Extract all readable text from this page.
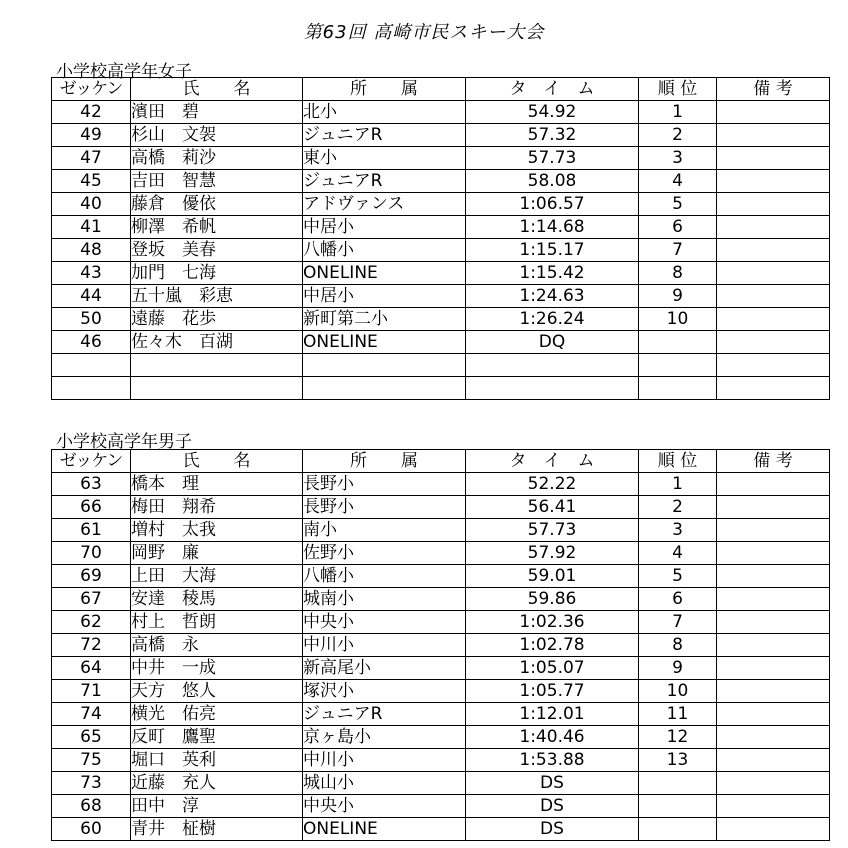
第63回 高崎市民スキー大会
小学校高学年女子
ゼッケン	氏　　名	所　　属	タ　イ　ム	順 位	備 考
42	濱田　碧	北小	54.92	1	
49	杉山　文袈	ジュニアR	57.32	2	
47	高橋　莉沙	東小	57.73	3	
45	吉田　智慧	ジュニアR	58.08	4	
40	藤倉　優依	アドヴァンス	1:06.57	5	
41	柳澤　希帆	中居小	1:14.68	6	
48	登坂　美春	八幡小	1:15.17	7	
43	加門　七海	ONELINE	1:15.42	8	
44	五十嵐　彩恵	中居小	1:24.63	9	
50	遠藤　花歩	新町第二小	1:26.24	10	
46	佐々木　百湖	ONELINE	DQ		

小学校高学年男子
ゼッケン	氏　　名	所　　属	タ　イ　ム	順 位	備 考
63	橋本　理	長野小	52.22	1	
66	梅田　翔希	長野小	56.41	2	
61	増村　太我	南小	57.73	3	
70	岡野　廉	佐野小	57.92	4	
69	上田　大海	八幡小	59.01	5	
67	安達　稜馬	城南小	59.86	6	
62	村上　哲朗	中央小	1:02.36	7	
72	高橋　永	中川小	1:02.78	8	
64	中井　一成	新高尾小	1:05.07	9	
71	天方　悠人	塚沢小	1:05.77	10	
74	横光　佑亮	ジュニアR	1:12.01	11	
65	反町　鷹聖	京ヶ島小	1:40.46	12	
75	堀口　英利	中川小	1:53.88	13	
73	近藤　充人	城山小	DS		
68	田中　淳	中央小	DS		
60	青井　柾樹	ONELINE	DS		
